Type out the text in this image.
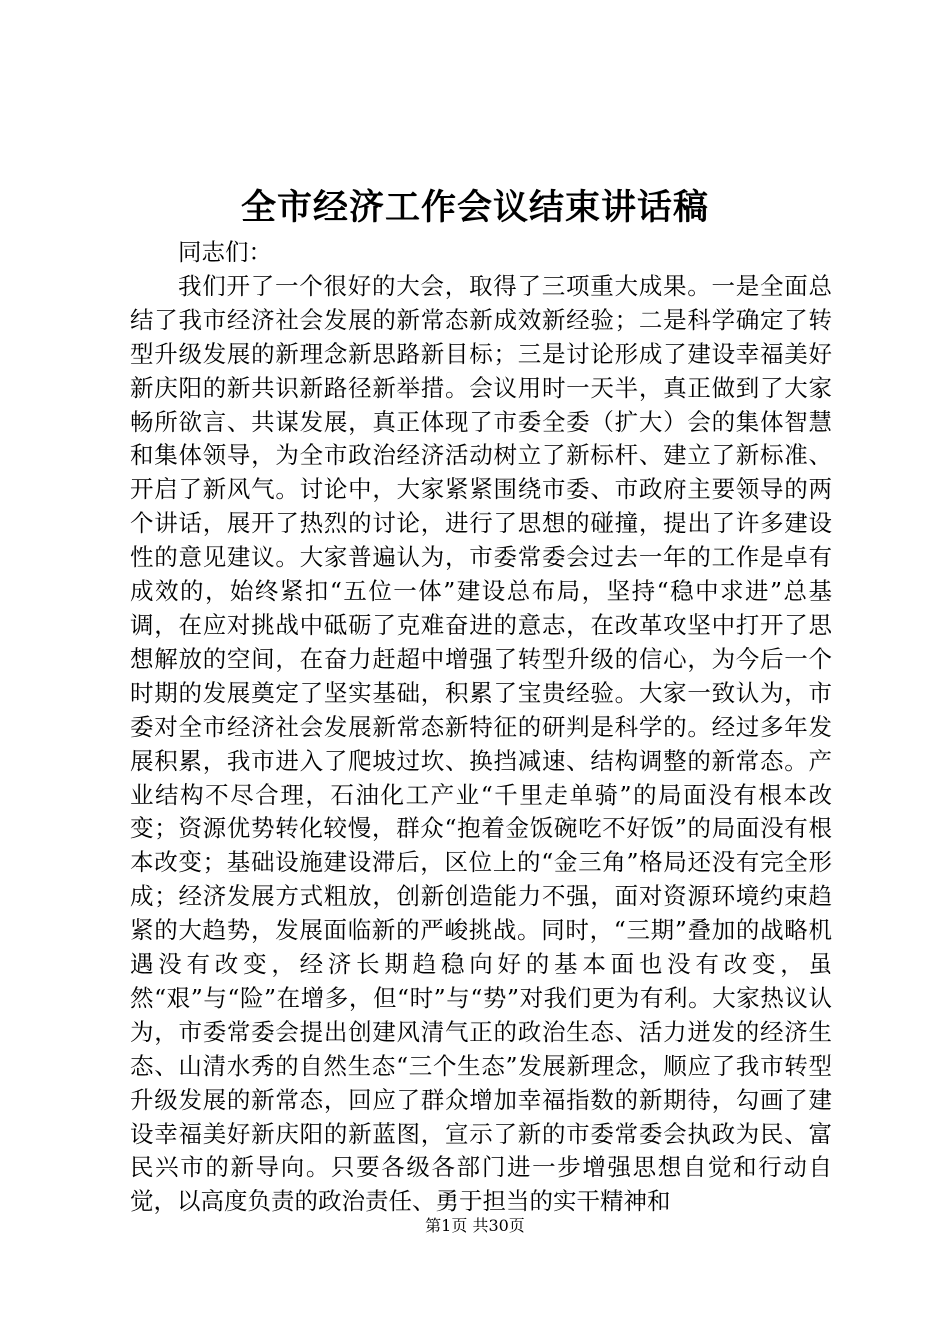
全市经济工作会议结束讲话稿

同志们：

我们开了一个很好的大会，取得了三项重大成果。一是全面总结了我市经济社会发展的新常态新成效新经验；二是科学确定了转型升级发展的新理念新思路新目标；三是讨论形成了建设幸福美好新庆阳的新共识新路径新举措。会议用时一天半，真正做到了大家畅所欲言、共谋发展，真正体现了市委全委（扩大）会的集体智慧和集体领导，为全市政治经济活动树立了新标杆、建立了新标准、开启了新风气。讨论中，大家紧紧围绕市委、市政府主要领导的两个讲话，展开了热烈的讨论，进行了思想的碰撞，提出了许多建设性的意见建议。大家普遍认为，市委常委会过去一年的工作是卓有成效的，始终紧扣“五位一体”建设总布局，坚持“稳中求进”总基调，在应对挑战中砥砺了克难奋进的意志，在改革攻坚中打开了思想解放的空间，在奋力赶超中增强了转型升级的信心，为今后一个时期的发展奠定了坚实基础，积累了宝贵经验。大家一致认为，市委对全市经济社会发展新常态新特征的研判是科学的。经过多年发展积累，我市进入了爬坡过坎、换挡减速、结构调整的新常态。产业结构不尽合理，石油化工产业“千里走单骑”的局面没有根本改变；资源优势转化较慢，群众“抱着金饭碗吃不好饭”的局面没有根本改变；基础设施建设滞后，区位上的“金三角”格局还没有完全形成；经济发展方式粗放，创新创造能力不强，面对资源环境约束趋紧的大趋势，发展面临新的严峻挑战。同时，“三期”叠加的战略机遇没有改变，经济长期趋稳向好的基本面也没有改变，虽然“艰”与“险”在增多，但“时”与“势”对我们更为有利。大家热议认为，市委常委会提出创建风清气正的政治生态、活力迸发的经济生态、山清水秀的自然生态“三个生态”发展新理念，顺应了我市转型升级发展的新常态，回应了群众增加幸福指数的新期待，勾画了建设幸福美好新庆阳的新蓝图，宣示了新的市委常委会执政为民、富民兴市的新导向。只要各级各部门进一步增强思想自觉和行动自觉，以高度负责的政治责任、勇于担当的实干精神和

第1页 共30页
